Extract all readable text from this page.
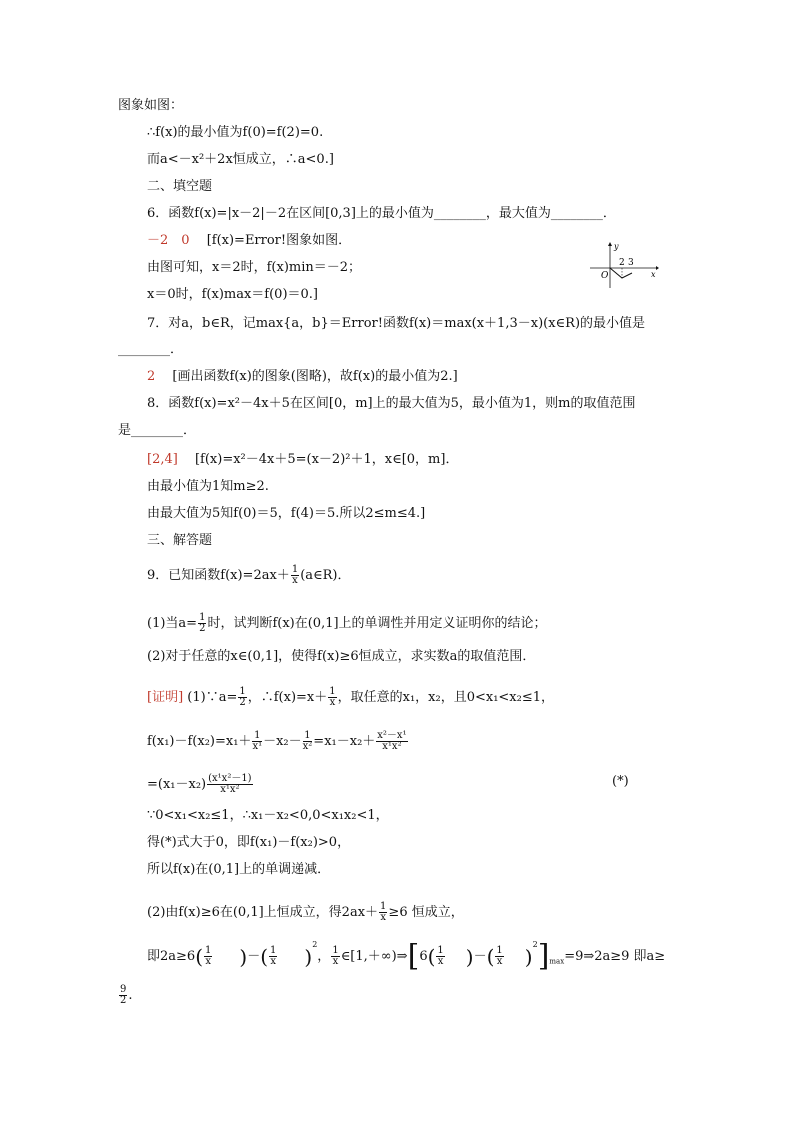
图象如图：
∴f(x)的最小值为f(0)=f(2)=0.
而a<－x²＋2x恒成立，∴a<0.]
二、填空题
6．函数f(x)=|x－2|－2在区间[0,3]上的最小值为________，最大值为________．
－2　0　 [f(x)=Error!图象如图．
由图可知，x＝2时，f(x)min＝－2；
x＝0时，f(x)max＝f(0)＝0.]
y
x
O
2 3
7．对a，b∈R，记max{a，b}＝Error!函数f(x)＝max(x＋1,3－x)(x∈R)的最小值是
________．
2　 [画出函数f(x)的图象(图略)，故f(x)的最小值为2.]
8．函数f(x)=x²－4x＋5在区间[0，m]上的最大值为5，最小值为1，则m的取值范围
是________．
[2,4]　 [f(x)=x²－4x＋5=(x－2)²＋1，x∈[0，m]．
由最小值为1知m≥2.
由最大值为5知f(0)＝5，f(4)＝5.所以2≤m≤4.]
三、解答题
9．已知函数$f(x)=2ax+ \frac{1}{x}$ (a∈R)．
(1)当$a= \frac{1}{2}$ 时，试判断f(x)在(0,1]上的单调性并用定义证明你的结论；
(2)对于任意的x∈(0,1]，使得f(x)≥6恒成立，求实数a的取值范围．
[证明] (1)∵a= $\frac{1}{2}$ ，∴f(x)=x＋ $\frac{1}{x}$ ，取任意的x₁，x₂，且0<x₁<x₂≤1，
$f(x_1)-f(x_2)=x_1+ \frac{1}{\text{x¹}} -x_2- \frac{1}{\text{x²}} =x_1-x_2+ \frac{\text{x²－x¹}}{\text{x¹x²}}$
$=(x_1-x_2) \frac{\text{(x¹x²－1)}}{\text{x¹x²}}$	(*)
∵0<x₁<x₂≤1，∴x₁－x₂<0,0<x₁x₂<1，
得(*)式大于0，即f(x₁)－f(x₂)>0，
所以f(x)在(0,1]上的单调递减．
(2)由f(x)≥6在(0,1]上恒成立，得$2ax+ \frac{1}{x} \ge 6$ 恒成立，
即$2a\ge 6( \frac{1}{x}$ )－( $\frac{1}{x} )^2$， $\frac{1}{x}$ ∈[1,＋∞)⇒[6( $\frac{1}{x}$ )－( $\frac{1}{x}$ )$^2]_{max}=9\Rightarrow 2a\ge 9$ 即a≥
$\frac{9}{2}$ .
